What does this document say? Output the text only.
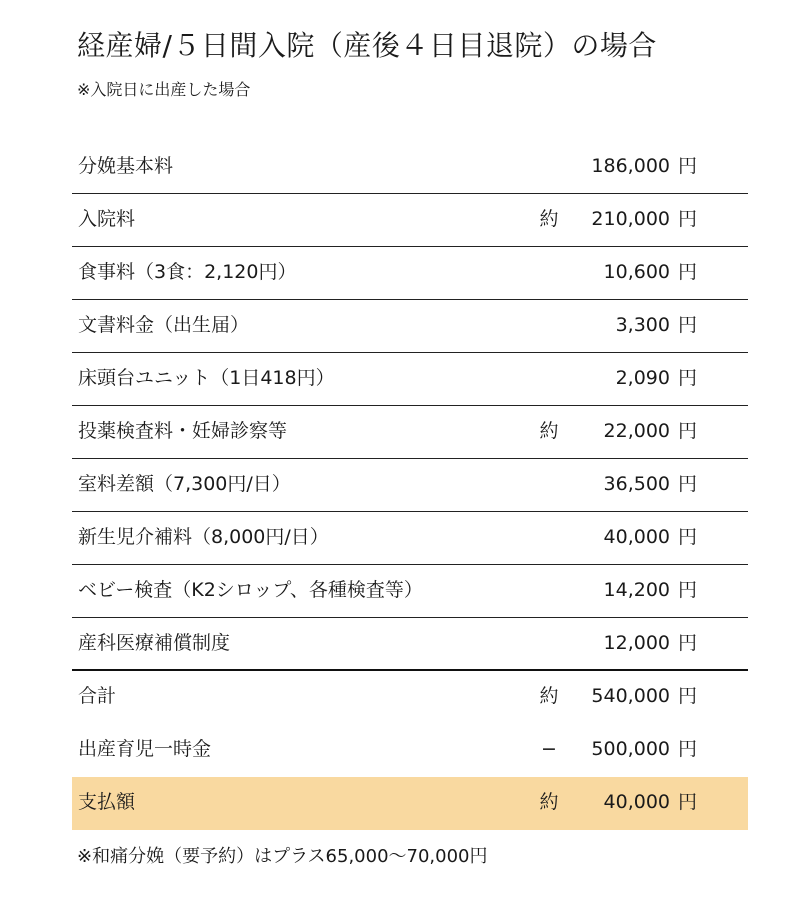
経産婦/５日間入院（産後４日目退院）の場合
※入院日に出産した場合
分娩基本料	186,000 円
入院料	約 210,000 円
食事料（3食：2,120円）	10,600 円
文書料金（出生届）	3,300 円
床頭台ユニット（1日418円）	2,090 円
投薬検査料・妊婦診察等	約 22,000 円
室料差額（7,300円/日）	36,500 円
新生児介補料（8,000円/日）	40,000 円
ベビー検査（K2シロップ、各種検査等）	14,200 円
産科医療補償制度	12,000 円
合計	約 540,000 円
出産育児一時金	− 500,000 円
支払額	約 40,000 円
※和痛分娩（要予約）はプラス65,000〜70,000円
